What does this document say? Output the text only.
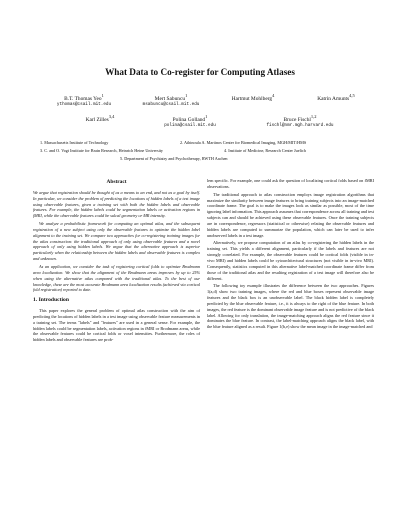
What Data to Co-register for Computing Atlases
B.T. Thomas Yeo$^1$
ythomas@csail.mit.edu
Mert Sabuncu$^1$
msabuncu@csail.mit.edu
Hartmut Mohlberg$^4$
Katrin Amunts$^{4,5}$
Karl Zilles$^{3,4}$
Polina Golland$^1$
polina@csail.mit.edu
Bruce Fischl$^{1,2}$
fischl@nmr.mgh.harvard.edu
1. Massachusetts Institute of Technology	2. Athinoula A. Martinos Center for Biomedical Imaging, MGH/MIT/HMS
3. C. and O. Vogt Institute for Brain Research, Heinrich Heine University	4. Institute of Medicine, Research Center Juelich
5. Department of Psychiatry and Psychotherapy, RWTH Aachen
Abstract

We argue that registration should be thought of as a means to an end, and not as a goal by itself. In particular, we consider the problem of predicting the locations of hidden labels of a test image using observable features, given a training set with both the hidden labels and observable features. For example, the hidden labels could be segmentation labels or activation regions in fMRI, while the observable features could be sulcal geometry or MR intensity.

We analyze a probabilistic framework for computing an optimal atlas, and the subsequent registration of a new subject using only the observable features to optimize the hidden label alignment to the training set. We compare two approaches for co-registering training images for the atlas construction: the traditional approach of only using observable features and a novel approach of only using hidden labels. We argue that the alternative approach is superior particularly when the relationship between the hidden labels and observable features is complex and unknown.

As an application, we consider the task of registering cortical folds to optimize Brodmann area localization. We show that the alignment of the Brodmann areas improves by up to 25% when using the alternative atlas compared with the traditional atlas. To the best of our knowledge, these are the most accurate Brodmann area localization results (achieved via cortical fold registration) reported to date.

1. Introduction

This paper explores the general problem of optimal atlas construction with the aim of predicting the locations of hidden labels in a test image using observable feature measurements in a training set. The terms "labels" and "features" are used in a general sense. For example, the hidden labels could be segmentation labels, activation regions in fMRI or Brodmann areas, while the observable features could be cortical folds or voxel intensities. Furthermore, the roles of hidden labels and observable features are prob-

lem specific. For example, one could ask the question of localizing cortical folds based on fMRI observations.

The traditional approach to atlas construction employs image registration algorithms that maximize the similarity between image features to bring training subjects into an image-matched coordinate frame. The goal is to make the images look as similar as possible, most of the time ignoring label information. This approach assumes that correspondence across all training and test subjects can and should be achieved using these observable features. Once the training subjects are in correspondence, regressors (statistical or otherwise) relating the observable features and hidden labels are computed to summarize the population, which can later be used to infer unobserved labels in a test image.

Alternatively, we propose computation of an atlas by co-registering the hidden labels in the training set. This yields a different alignment, particularly if the labels and features are not strongly correlated. For example, the observable features could be cortical folds (visible in in-vivo MRI) and hidden labels could be cytoarchitectural structures (not visible in in-vivo MRI). Consequently, statistics computed in this alternative label-matched coordinate frame differ from those of the traditional atlas and the resulting registration of a test image will therefore also be different.

The following toy example illustrates the difference between the two approaches. Figures 1(a,d) show two training images, where the red and blue boxes represent observable image features and the black box is an unobservable label. The black hidden label is completely predicted by the blue observable feature, i.e., it is always to the right of the blue feature. In both images, the red feature is the dominant observable image feature and is not predictive of the black label. Allowing for only translation, the image-matching approach aligns the red feature since it dominates the blue feature. In contrast, the label-matching approach aligns the black label, with the blue feature aligned as a result. Figure 1(b,e) show the mean image in the image-matched and
